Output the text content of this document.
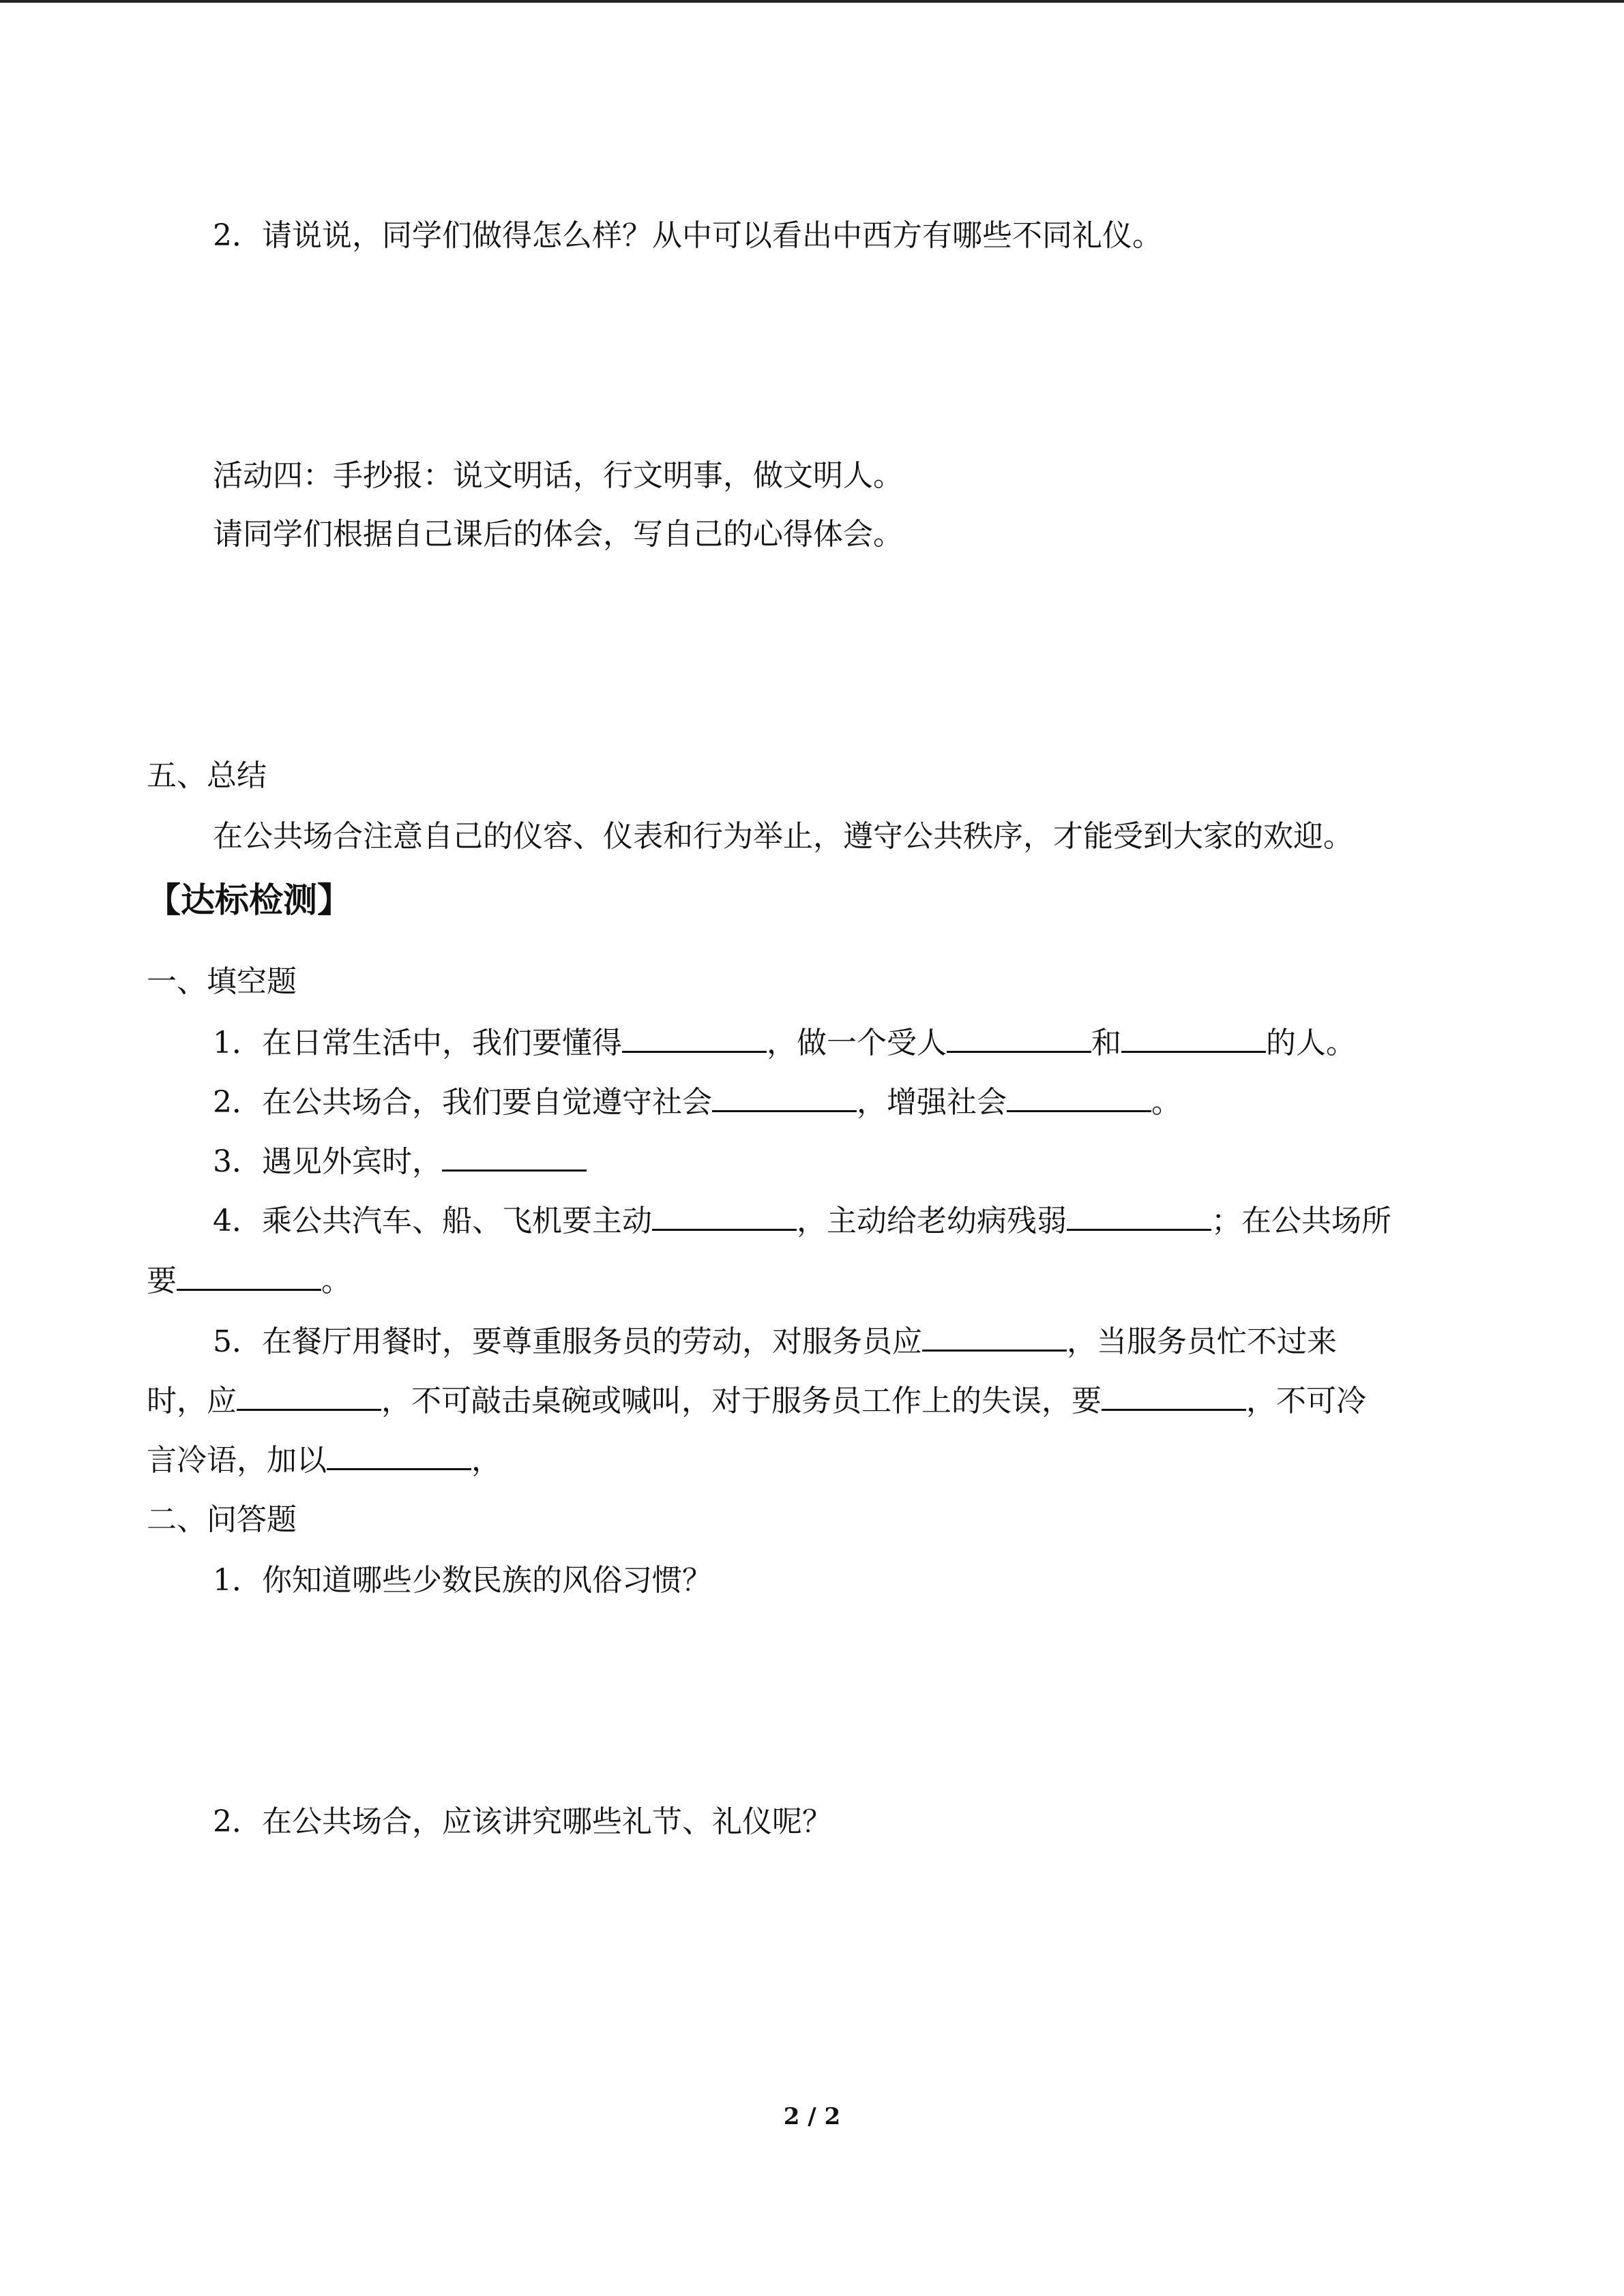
2．请说说，同学们做得怎么样？从中可以看出中西方有哪些不同礼仪。
活动四：手抄报：说文明话，行文明事，做文明人。
请同学们根据自己课后的体会，写自己的心得体会。
五、总结
在公共场合注意自己的仪容、仪表和行为举止，遵守公共秩序，才能受到大家的欢迎。
【达标检测】
一、填空题
1．在日常生活中，我们要懂得	，做一个受人	和	的人。
2．在公共场合，我们要自觉遵守社会	，增强社会	。
3．遇见外宾时，
4．乘公共汽车、船、飞机要主动	，主动给老幼病残弱	；在公共场所
要	。
5．在餐厅用餐时，要尊重服务员的劳动，对服务员应	，当服务员忙不过来
时，应	，不可敲击桌碗或喊叫，对于服务员工作上的失误，要	，不可冷
言冷语，加以	，
二、问答题
1．你知道哪些少数民族的风俗习惯？
2．在公共场合，应该讲究哪些礼节、礼仪呢？
2 / 2
